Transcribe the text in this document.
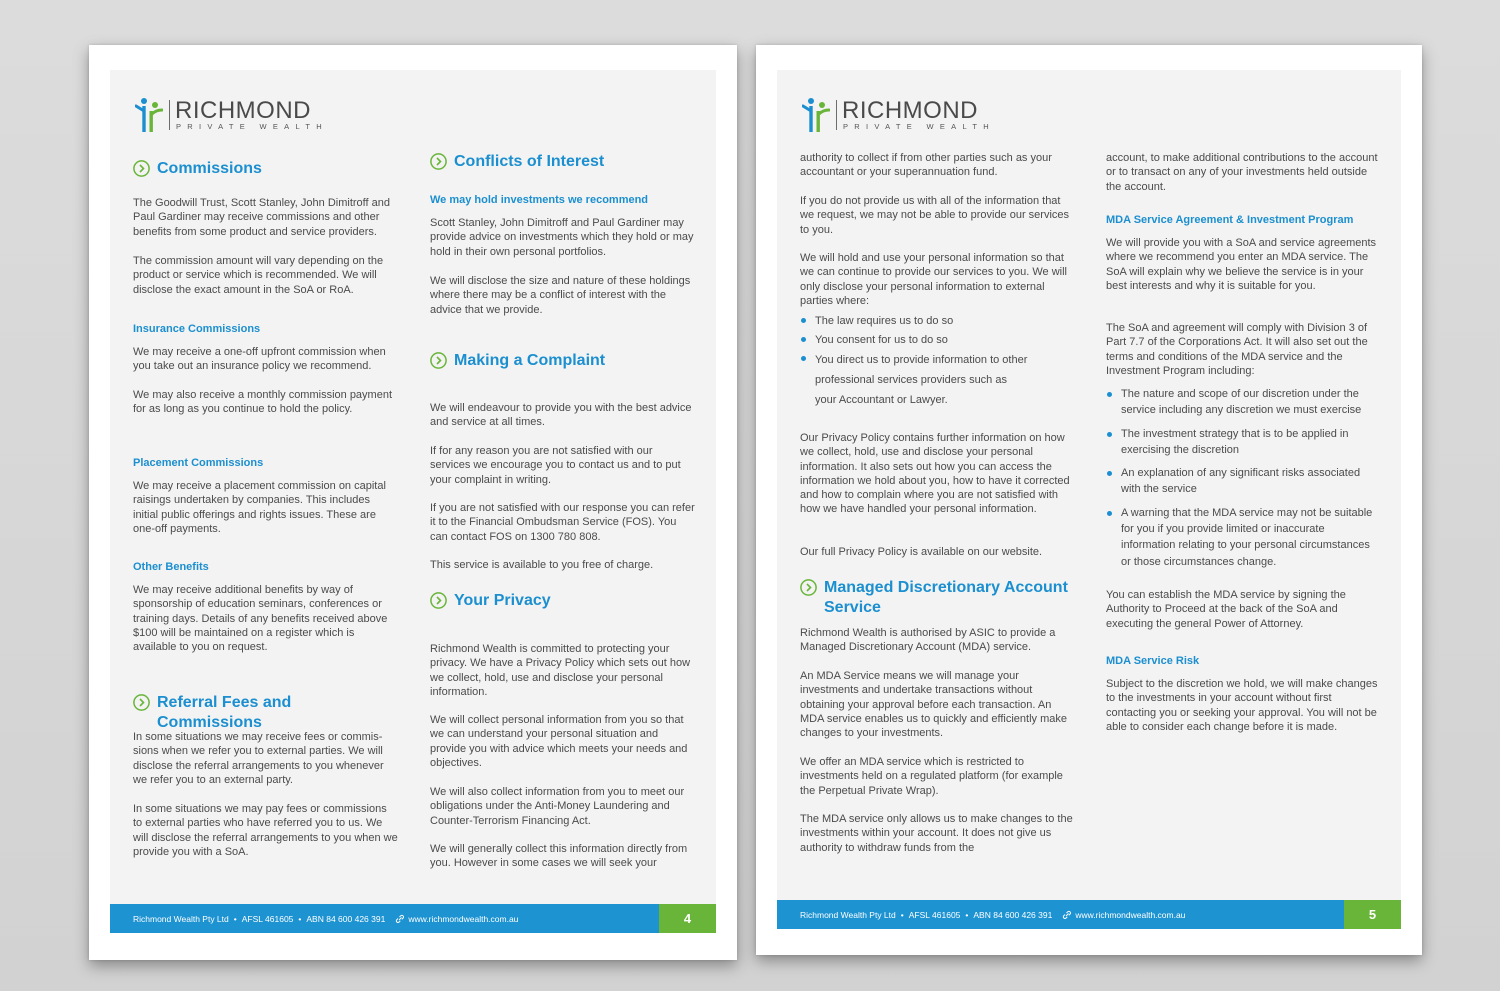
RICHMOND
PRIVATE WEALTH
Commissions

The Goodwill Trust, Scott Stanley, John Dimitroff and Paul Gardiner may receive commissions and other benefits from some product and service providers.

The commission amount will vary depending on the product or service which is recommended. We will disclose the exact amount in the SoA or RoA.

Insurance Commissions

We may receive a one-off upfront commission when you take out an insurance policy we recommend.

We may also receive a monthly commission payment for as long as you continue to hold the policy.

Placement Commissions

We may receive a placement commission on capital raisings undertaken by companies. This includes initial public offerings and rights issues. These are one-off payments.

Other Benefits

We may receive additional benefits by way of sponsorship of education seminars, conferences or training days. Details of any benefits received above $100 will be maintained on a register which is available to you on request.

Referral Fees and Commissions

In some situations we may receive fees or commis- sions when we refer you to external parties. We will disclose the referral arrangements to you whenever we refer you to an external party.

In some situations we may pay fees or commissions to external parties who have referred you to us. We will disclose the referral arrangements to you when we provide you with a SoA.

Conflicts of Interest
We may hold investments we recommend

Scott Stanley, John Dimitroff and Paul Gardiner may provide advice on investments which they hold or may hold in their own personal portfolios.

We will disclose the size and nature of these holdings where there may be a conflict of interest with the advice that we provide.

Making a Complaint

We will endeavour to provide you with the best advice and service at all times.

If for any reason you are not satisfied with our services we encourage you to contact us and to put your complaint in writing.

If you are not satisfied with our response you can refer it to the Financial Ombudsman Service (FOS). You can contact FOS on 1300 780 808.

This service is available to you free of charge.

Your Privacy

Richmond Wealth is committed to protecting your privacy. We have a Privacy Policy which sets out how we collect, hold, use and disclose your personal information.

We will collect personal information from you so that we can understand your personal situation and provide you with advice which meets your needs and objectives.

We will also collect information from you to meet our obligations under the Anti-Money Laundering and Counter-Terrorism Financing Act.

We will generally collect this information directly from you. However in some cases we will seek your

Richmond Wealth Pty Ltd • AFSL 461605 • ABN 84 600 426 391	www.richmondwealth.com.au	4
RICHMOND
PRIVATE WEALTH

authority to collect if from other parties such as your accountant or your superannuation fund.

If you do not provide us with all of the information that we request, we may not be able to provide our services to you.

We will hold and use your personal information so that we can continue to provide our services to you. We will only disclose your personal information to external parties where:

The law requires us to do so
You consent for us to do so
You direct us to provide information to other professional services providers such as your Accountant or Lawyer.

Our Privacy Policy contains further information on how we collect, hold, use and disclose your personal information. It also sets out how you can access the information we hold about you, how to have it corrected and how to complain where you are not satisfied with how we have handled your personal information.

Our full Privacy Policy is available on our website.

Managed Discretionary Account Service

Richmond Wealth is authorised by ASIC to provide a Managed Discretionary Account (MDA) service.

An MDA Service means we will manage your investments and undertake transactions without obtaining your approval before each transaction. An MDA service enables us to quickly and efficiently make changes to your investments.

We offer an MDA service which is restricted to investments held on a regulated platform (for example the Perpetual Private Wrap).

The MDA service only allows us to make changes to the investments within your account. It does not give us authority to withdraw funds from the

account, to make additional contributions to the account or to transact on any of your investments held outside the account.

MDA Service Agreement & Investment Program

We will provide you with a SoA and service agreements where we recommend you enter an MDA service. The SoA will explain why we believe the service is in your best interests and why it is suitable for you.

The SoA and agreement will comply with Division 3 of Part 7.7 of the Corporations Act. It will also set out the terms and conditions of the MDA service and the Investment Program including:

The nature and scope of our discretion under the service including any discretion we must exercise
The investment strategy that is to be applied in exercising the discretion
An explanation of any significant risks associated with the service
A warning that the MDA service may not be suitable for you if you provide limited or inaccurate information relating to your personal circumstances or those circumstances change.

You can establish the MDA service by signing the Authority to Proceed at the back of the SoA and executing the general Power of Attorney.

MDA Service Risk

Subject to the discretion we hold, we will make changes to the investments in your account without first contacting you or seeking your approval. You will not be able to consider each change before it is made.

Richmond Wealth Pty Ltd • AFSL 461605 • ABN 84 600 426 391	www.richmondwealth.com.au	5
